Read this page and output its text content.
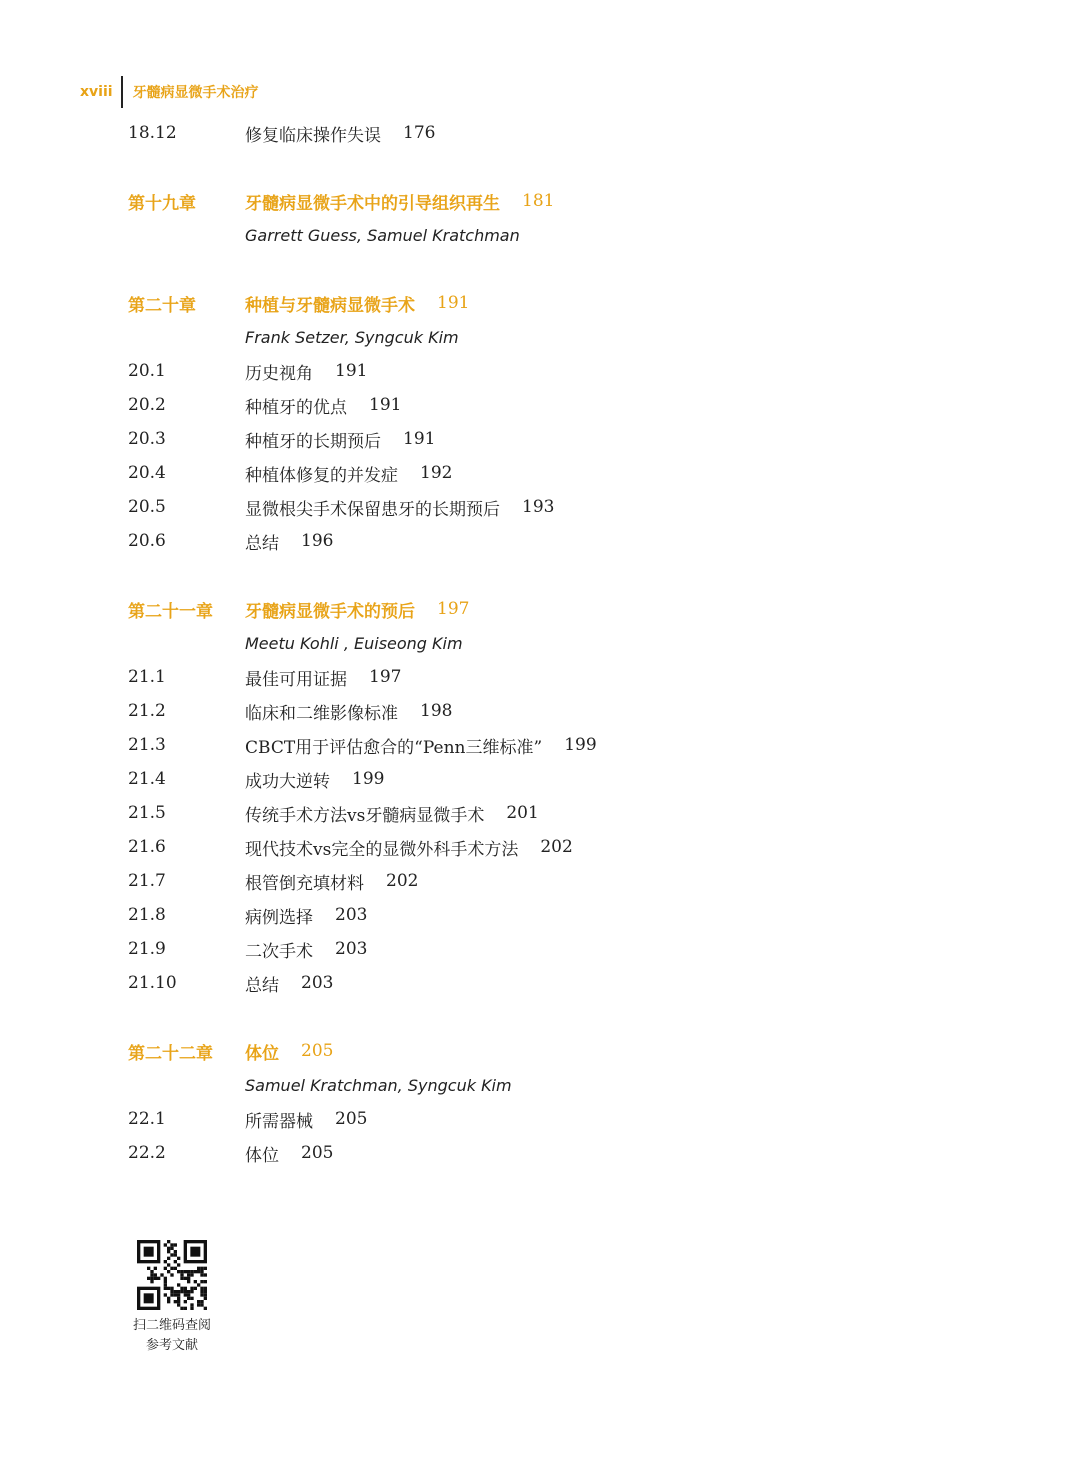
xviii 牙髓病显微手术治疗
18.12	修复临床操作失误 176
第十九章	牙髓病显微手术中的引导组织再生 181
Garrett Guess, Samuel Kratchman
第二十章	种植与牙髓病显微手术 191
Frank Setzer, Syngcuk Kim
20.1	历史视角 191
20.2	种植牙的优点 191
20.3	种植牙的长期预后 191
20.4	种植体修复的并发症 192
20.5	显微根尖手术保留患牙的长期预后 193
20.6	总结 196
第二十一章	牙髓病显微手术的预后 197
Meetu Kohli , Euiseong Kim
21.1	最佳可用证据 197
21.2	临床和二维影像标准 198
21.3	CBCT用于评估愈合的“Penn三维标准” 199
21.4	成功大逆转 199
21.5	传统手术方法vs牙髓病显微手术 201
21.6	现代技术vs完全的显微外科手术方法 202
21.7	根管倒充填材料 202
21.8	病例选择 203
21.9	二次手术 203
21.10	总结 203
第二十二章	体位 205
Samuel Kratchman, Syngcuk Kim
22.1	所需器械 205
22.2	体位 205
扫二维码查阅
参考文献
